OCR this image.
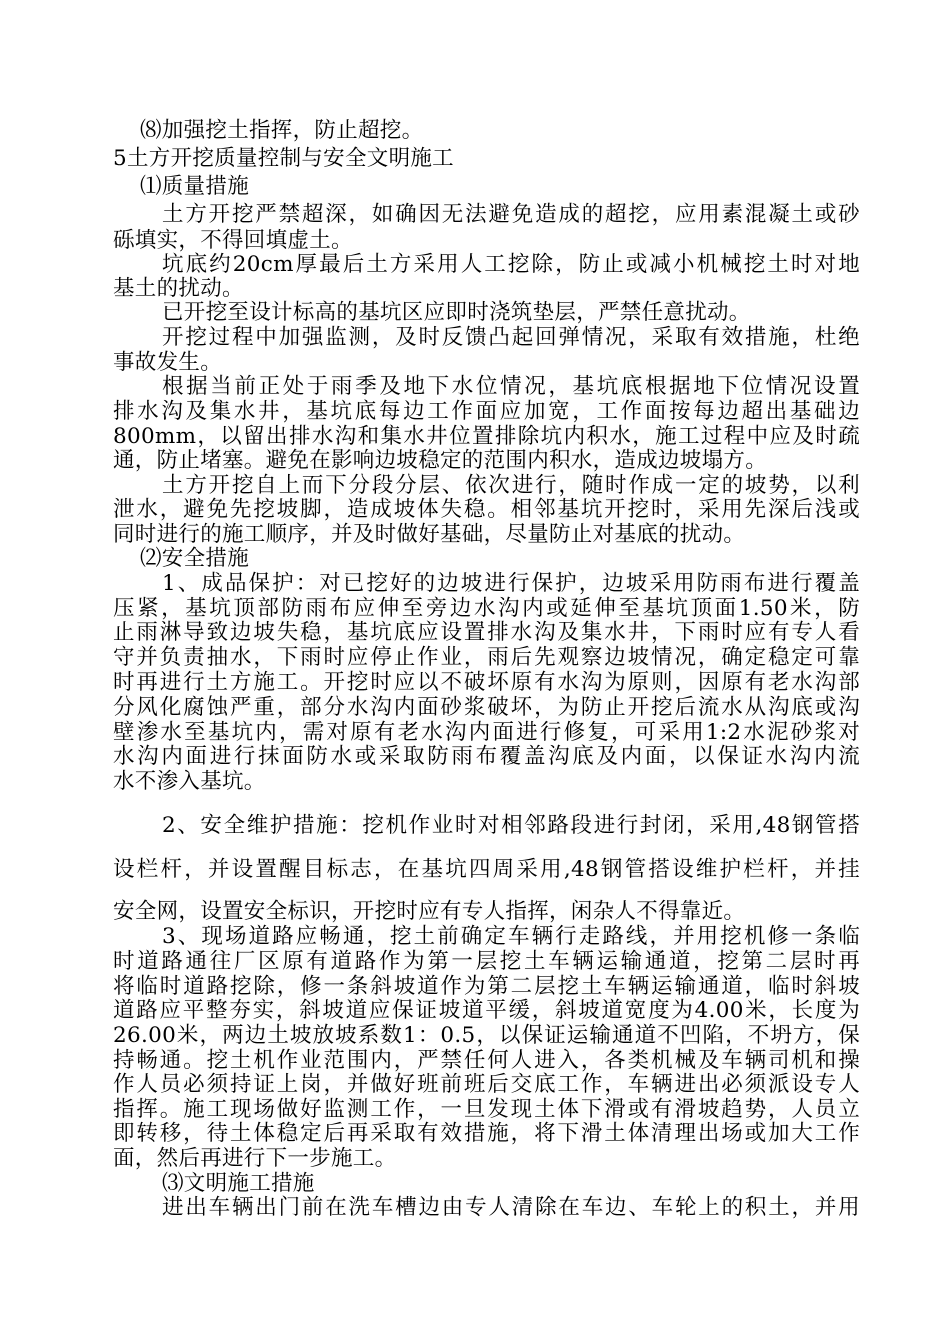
⑻加强挖土指挥，防止超挖。
5土方开挖质量控制与安全文明施工
⑴质量措施
土方开挖严禁超深，如确因无法避免造成的超挖，应用素混凝土或砂
砾填实，不得回填虚土。
坑底约20cm厚最后土方采用人工挖除，防止或减小机械挖土时对地
基土的扰动。
已开挖至设计标高的基坑区应即时浇筑垫层，严禁任意扰动。
开挖过程中加强监测，及时反馈凸起回弹情况，采取有效措施，杜绝
事故发生。
根据当前正处于雨季及地下水位情况，基坑底根据地下位情况设置
排水沟及集水井，基坑底每边工作面应加宽，工作面按每边超出基础边
800mm，以留出排水沟和集水井位置排除坑内积水，施工过程中应及时疏
通，防止堵塞。避免在影响边坡稳定的范围内积水，造成边坡塌方。
土方开挖自上而下分段分层、依次进行，随时作成一定的坡势，以利
泄水，避免先挖坡脚，造成坡体失稳。相邻基坑开挖时，采用先深后浅或
同时进行的施工顺序，并及时做好基础，尽量防止对基底的扰动。
⑵安全措施
1、成品保护：对已挖好的边坡进行保护，边坡采用防雨布进行覆盖
压紧，基坑顶部防雨布应伸至旁边水沟内或延伸至基坑顶面1.50米，防
止雨淋导致边坡失稳，基坑底应设置排水沟及集水井，下雨时应有专人看
守并负责抽水，下雨时应停止作业，雨后先观察边坡情况，确定稳定可靠
时再进行土方施工。开挖时应以不破坏原有水沟为原则，因原有老水沟部
分风化腐蚀严重，部分水沟内面砂浆破坏，为防止开挖后流水从沟底或沟
壁渗水至基坑内，需对原有老水沟内面进行修复，可采用1:2水泥砂浆对
水沟内面进行抹面防水或采取防雨布覆盖沟底及内面，以保证水沟内流
水不渗入基坑。
2、安全维护措施：挖机作业时对相邻路段进行封闭，采用,48钢管搭
设栏杆，并设置醒目标志，在基坑四周采用,48钢管搭设维护栏杆，并挂
安全网，设置安全标识，开挖时应有专人指挥，闲杂人不得靠近。
3、现场道路应畅通，挖土前确定车辆行走路线，并用挖机修一条临
时道路通往厂区原有道路作为第一层挖土车辆运输通道，挖第二层时再
将临时道路挖除，修一条斜坡道作为第二层挖土车辆运输通道，临时斜坡
道路应平整夯实，斜坡道应保证坡道平缓，斜坡道宽度为4.00米，长度为
26.00米，两边土坡放坡系数1：0.5，以保证运输通道不凹陷，不坍方，保
持畅通。挖土机作业范围内，严禁任何人进入，各类机械及车辆司机和操
作人员必须持证上岗，并做好班前班后交底工作，车辆进出必须派设专人
指挥。施工现场做好监测工作，一旦发现土体下滑或有滑坡趋势，人员立
即转移，待土体稳定后再采取有效措施，将下滑土体清理出场或加大工作
面，然后再进行下一步施工。
⑶文明施工措施
进出车辆出门前在洗车槽边由专人清除在车边、车轮上的积土，并用
